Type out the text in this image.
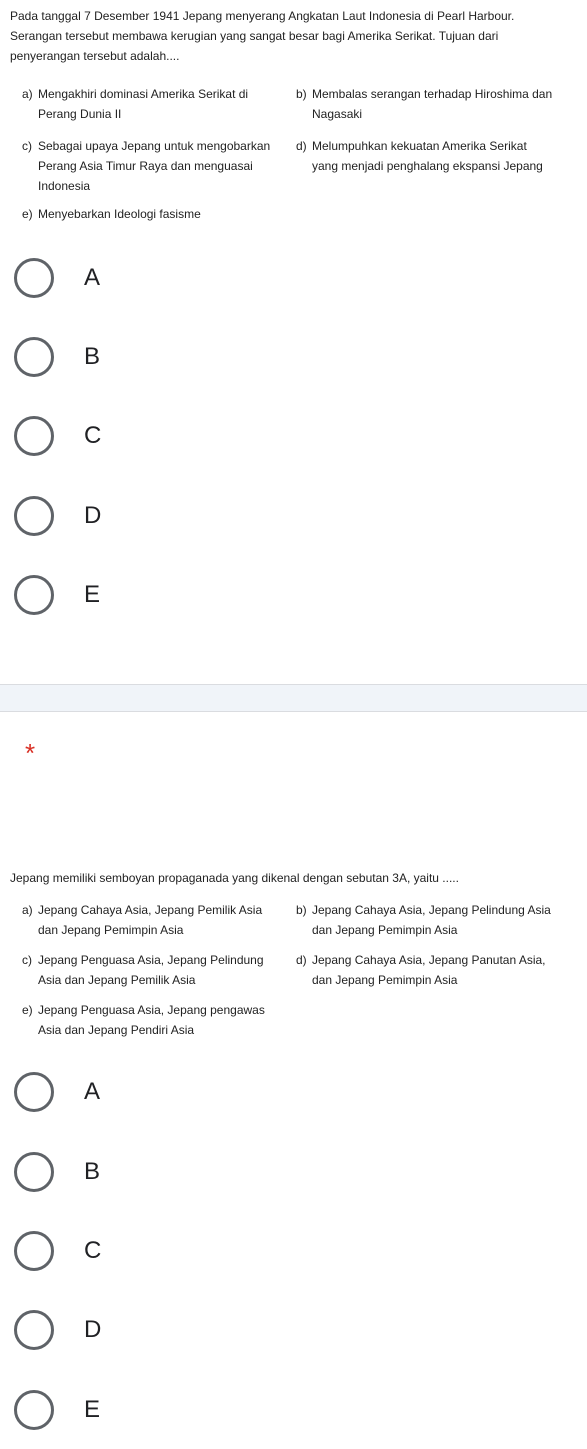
Pada tanggal 7 Desember 1941 Jepang menyerang Angkatan Laut Indonesia di Pearl Harbour.

Serangan tersebut membawa kerugian yang sangat besar bagi Amerika Serikat. Tujuan dari

penyerangan tersebut adalah....

a) Mengakhiri dominasi Amerika Serikat di
Perang Dunia II
b) Membalas serangan terhadap Hiroshima dan
Nagasaki
c) Sebagai upaya Jepang untuk mengobarkan
Perang Asia Timur Raya dan menguasai
Indonesia
d) Melumpuhkan kekuatan Amerika Serikat
yang menjadi penghalang ekspansi Jepang
e) Menyebarkan Ideologi fasisme
A
B
C
D
E
*
Jepang memiliki semboyan propaganada yang dikenal dengan sebutan 3A, yaitu .....
a) Jepang Cahaya Asia, Jepang Pemilik Asia
dan Jepang Pemimpin Asia
b) Jepang Cahaya Asia, Jepang Pelindung Asia
dan Jepang Pemimpin Asia
c) Jepang Penguasa Asia, Jepang Pelindung
Asia dan Jepang Pemilik Asia
d) Jepang Cahaya Asia, Jepang Panutan Asia,
dan Jepang Pemimpin Asia
e) Jepang Penguasa Asia, Jepang pengawas
Asia dan Jepang Pendiri Asia
A
B
C
D
E
